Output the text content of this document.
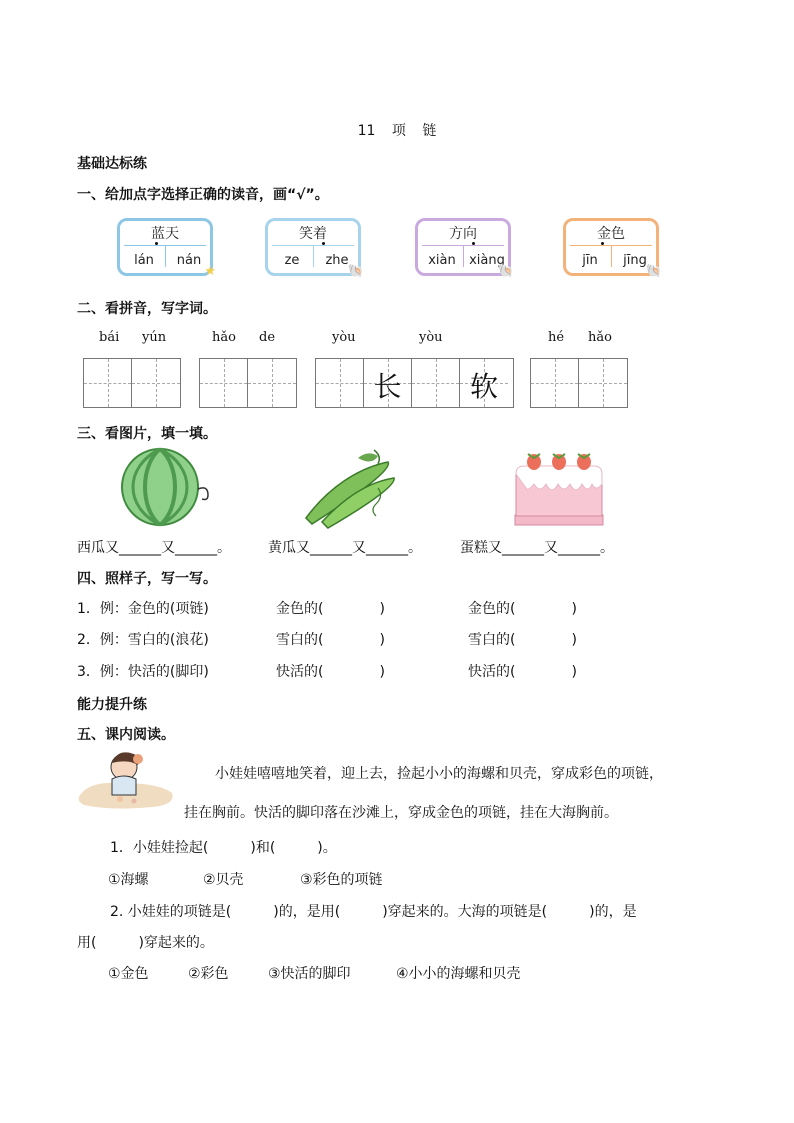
11 项 链
基础达标练
一、给加点字选择正确的读音，画“√”。
蓝天
lán	nán
★
笑着
ze	zhe
🐚
方向
xiàn	xiàng
🐚
金色
jīn	jīng
🐚
二、看拼音，写字词。
bái yún	hǎo de	yòu	yòu	hé hǎo
长	软
三、看图片，填一填。
西瓜又______又______。	黄瓜又______又______。	蛋糕又______又______。
四、照样子，写一写。
1．例：金色的(项链)	金色的(　　　　)	金色的(　　　　)
2．例：雪白的(浪花)	雪白的(　　　　)	雪白的(　　　　)
3．例：快活的(脚印)	快活的(　　　　)	快活的(　　　　)
能力提升练
五、课内阅读。
小娃娃嘻嘻地笑着，迎上去，捡起小小的海螺和贝壳，穿成彩色的项链，
挂在胸前。快活的脚印落在沙滩上，穿成金色的项链，挂在大海胸前。
1．小娃娃捡起(　　　)和(　　　)。
①海螺	②贝壳	③彩色的项链
2. 小娃娃的项链是(　　　)的，是用(　　　)穿起来的。大海的项链是(　　　)的，是
用(　　　)穿起来的。
①金色	②彩色	③快活的脚印	④小小的海螺和贝壳
